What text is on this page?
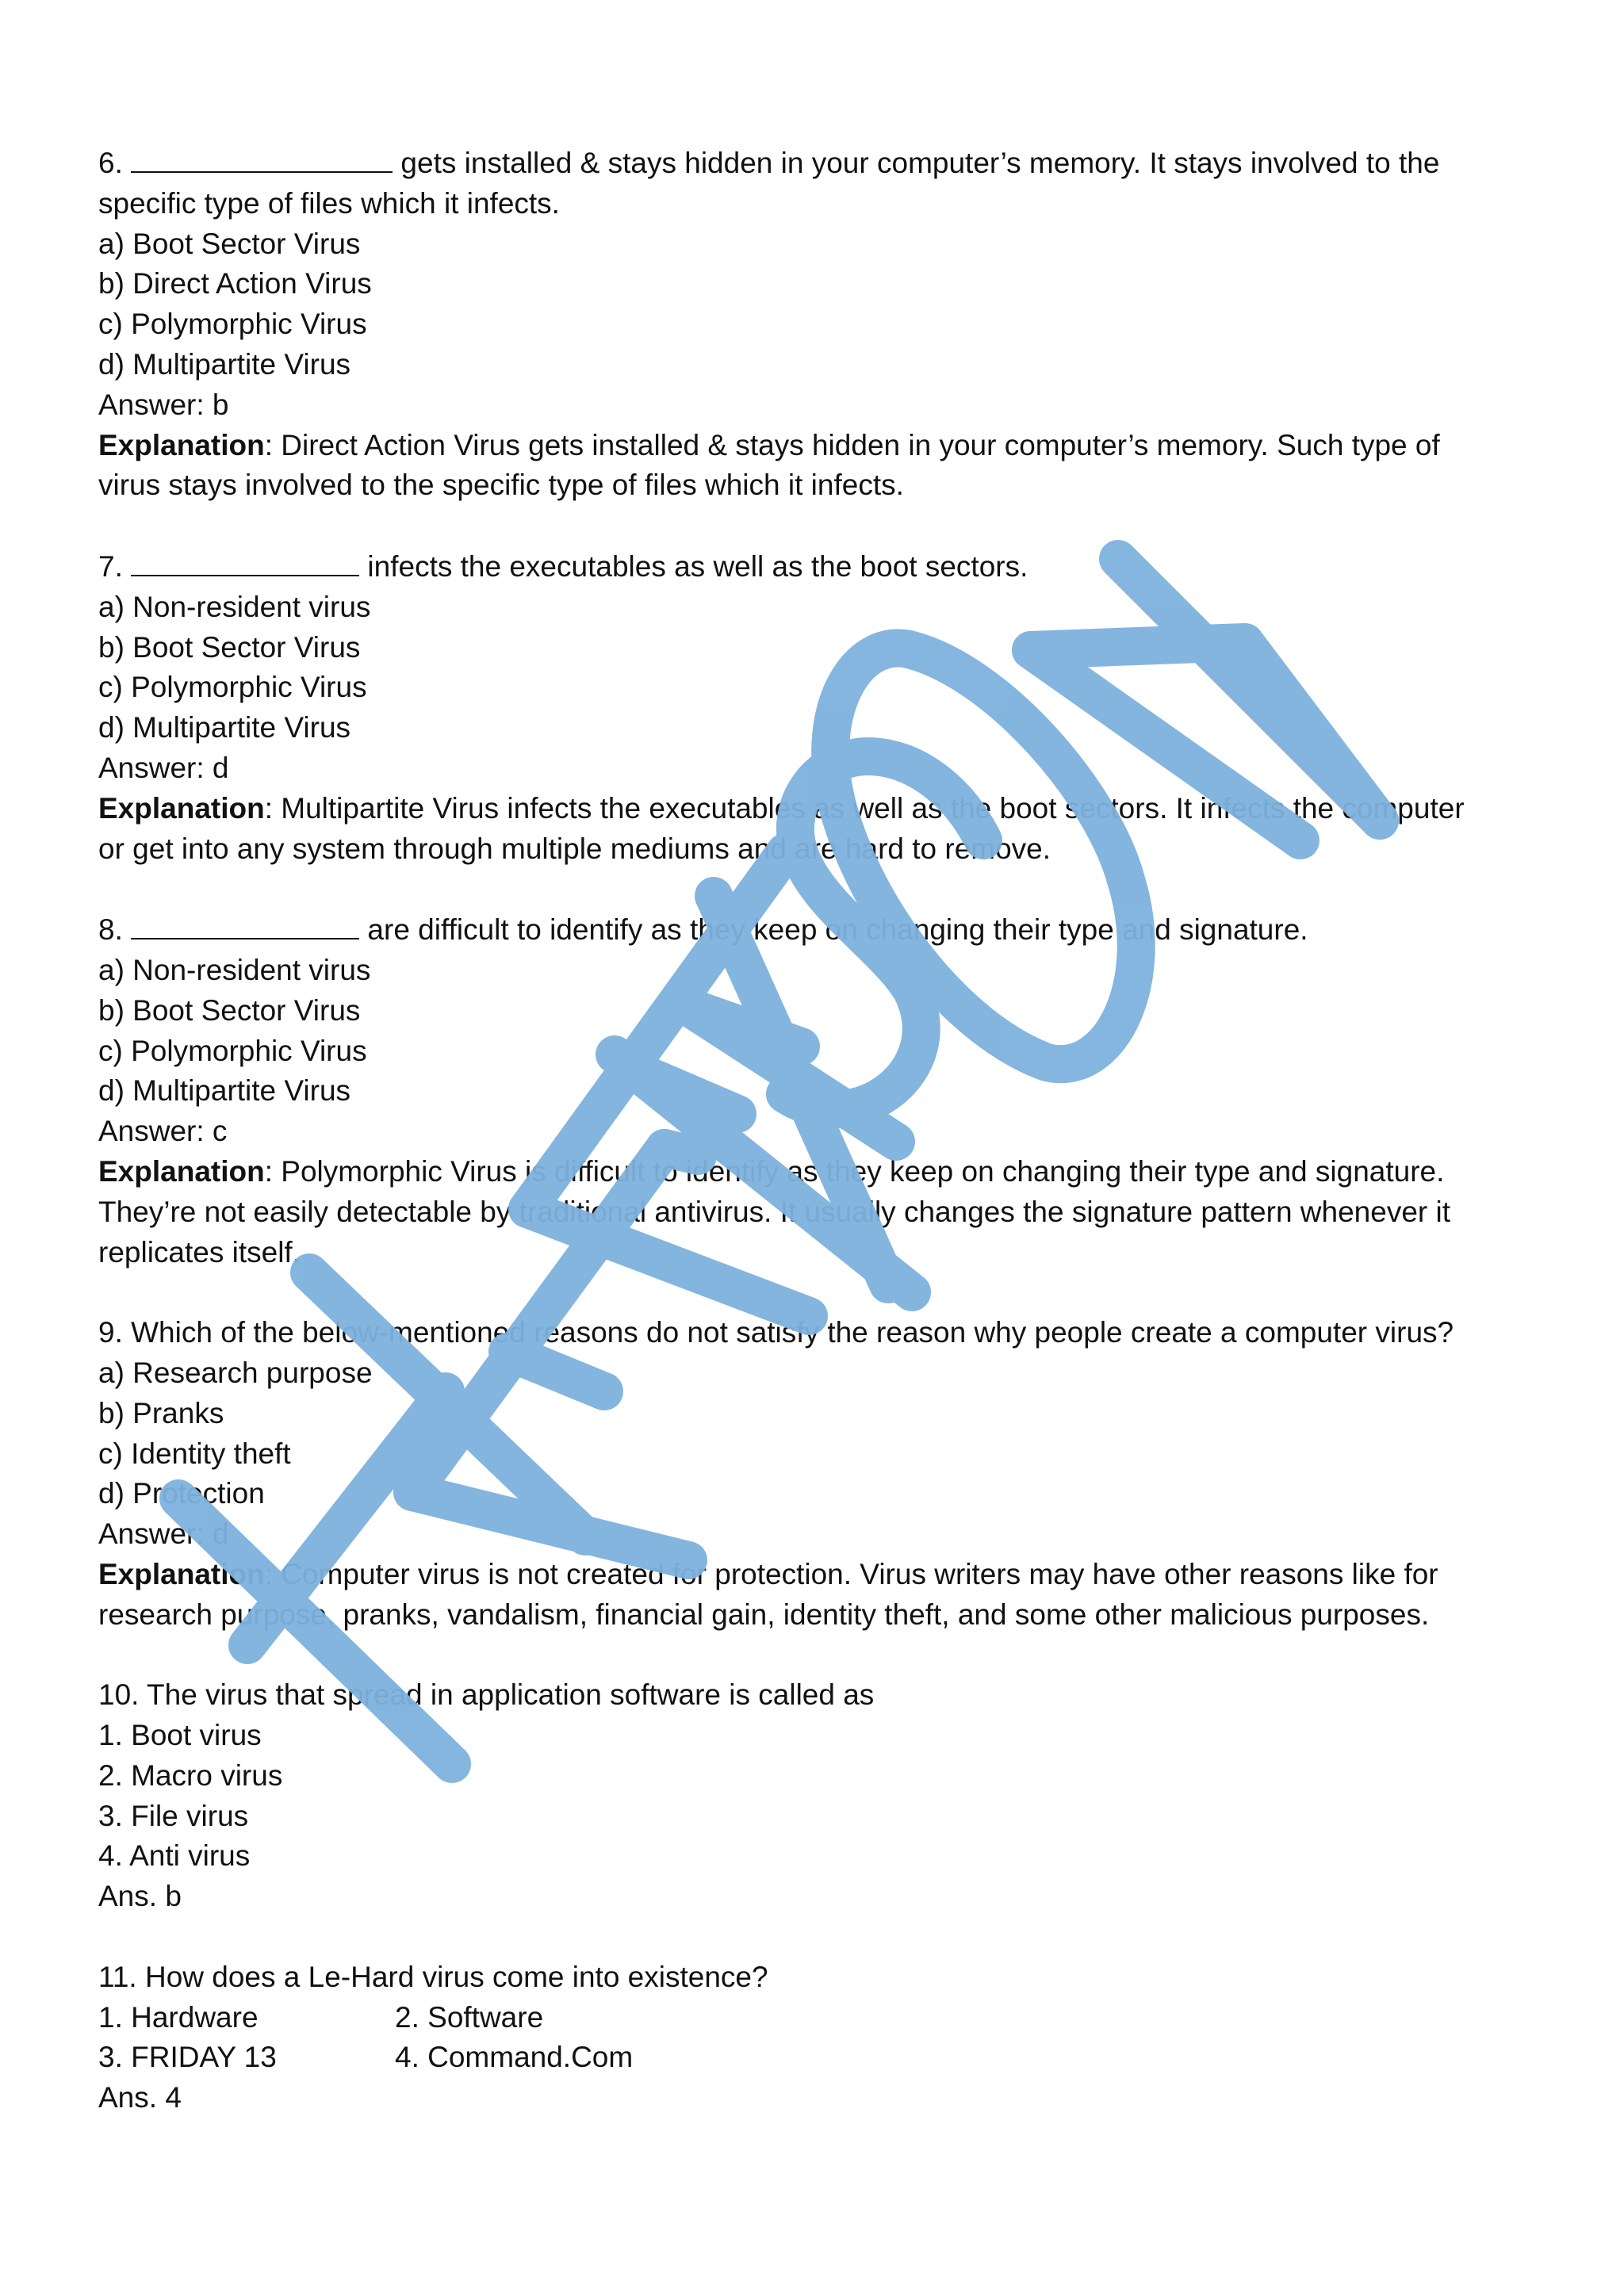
6.	gets installed & stays hidden in your computer’s memory. It stays involved to the
specific type of files which it infects.
a) Boot Sector Virus
b) Direct Action Virus
c) Polymorphic Virus
d) Multipartite Virus
Answer: b
Explanation: Direct Action Virus gets installed & stays hidden in your computer’s memory. Such type of
virus stays involved to the specific type of files which it infects.
7.	infects the executables as well as the boot sectors.
a) Non-resident virus
b) Boot Sector Virus
c) Polymorphic Virus
d) Multipartite Virus
Answer: d
Explanation: Multipartite Virus infects the executables as well as the boot sectors. It infects the computer
or get into any system through multiple mediums and are hard to remove.
8.	are difficult to identify as they keep on changing their type and signature.
a) Non-resident virus
b) Boot Sector Virus
c) Polymorphic Virus
d) Multipartite Virus
Answer: c
Explanation: Polymorphic Virus is difficult to identify as they keep on changing their type and signature.
They’re not easily detectable by traditional antivirus. It usually changes the signature pattern whenever it
replicates itself.
9. Which of the below-mentioned reasons do not satisfy the reason why people create a computer virus?
a) Research purpose
b) Pranks
c) Identity theft
d) Protection
Answer: d
Explanation: Computer virus is not created for protection. Virus writers may have other reasons like for
research purpose, pranks, vandalism, financial gain, identity theft, and some other malicious purposes.
10. The virus that spread in application software is called as
1. Boot virus
2. Macro virus
3. File virus
4. Anti virus
Ans. b
11. How does a Le-Hard virus come into existence?
1. Hardware	2. Software
3. FRIDAY 13	4. Command.Com
Ans. 4
